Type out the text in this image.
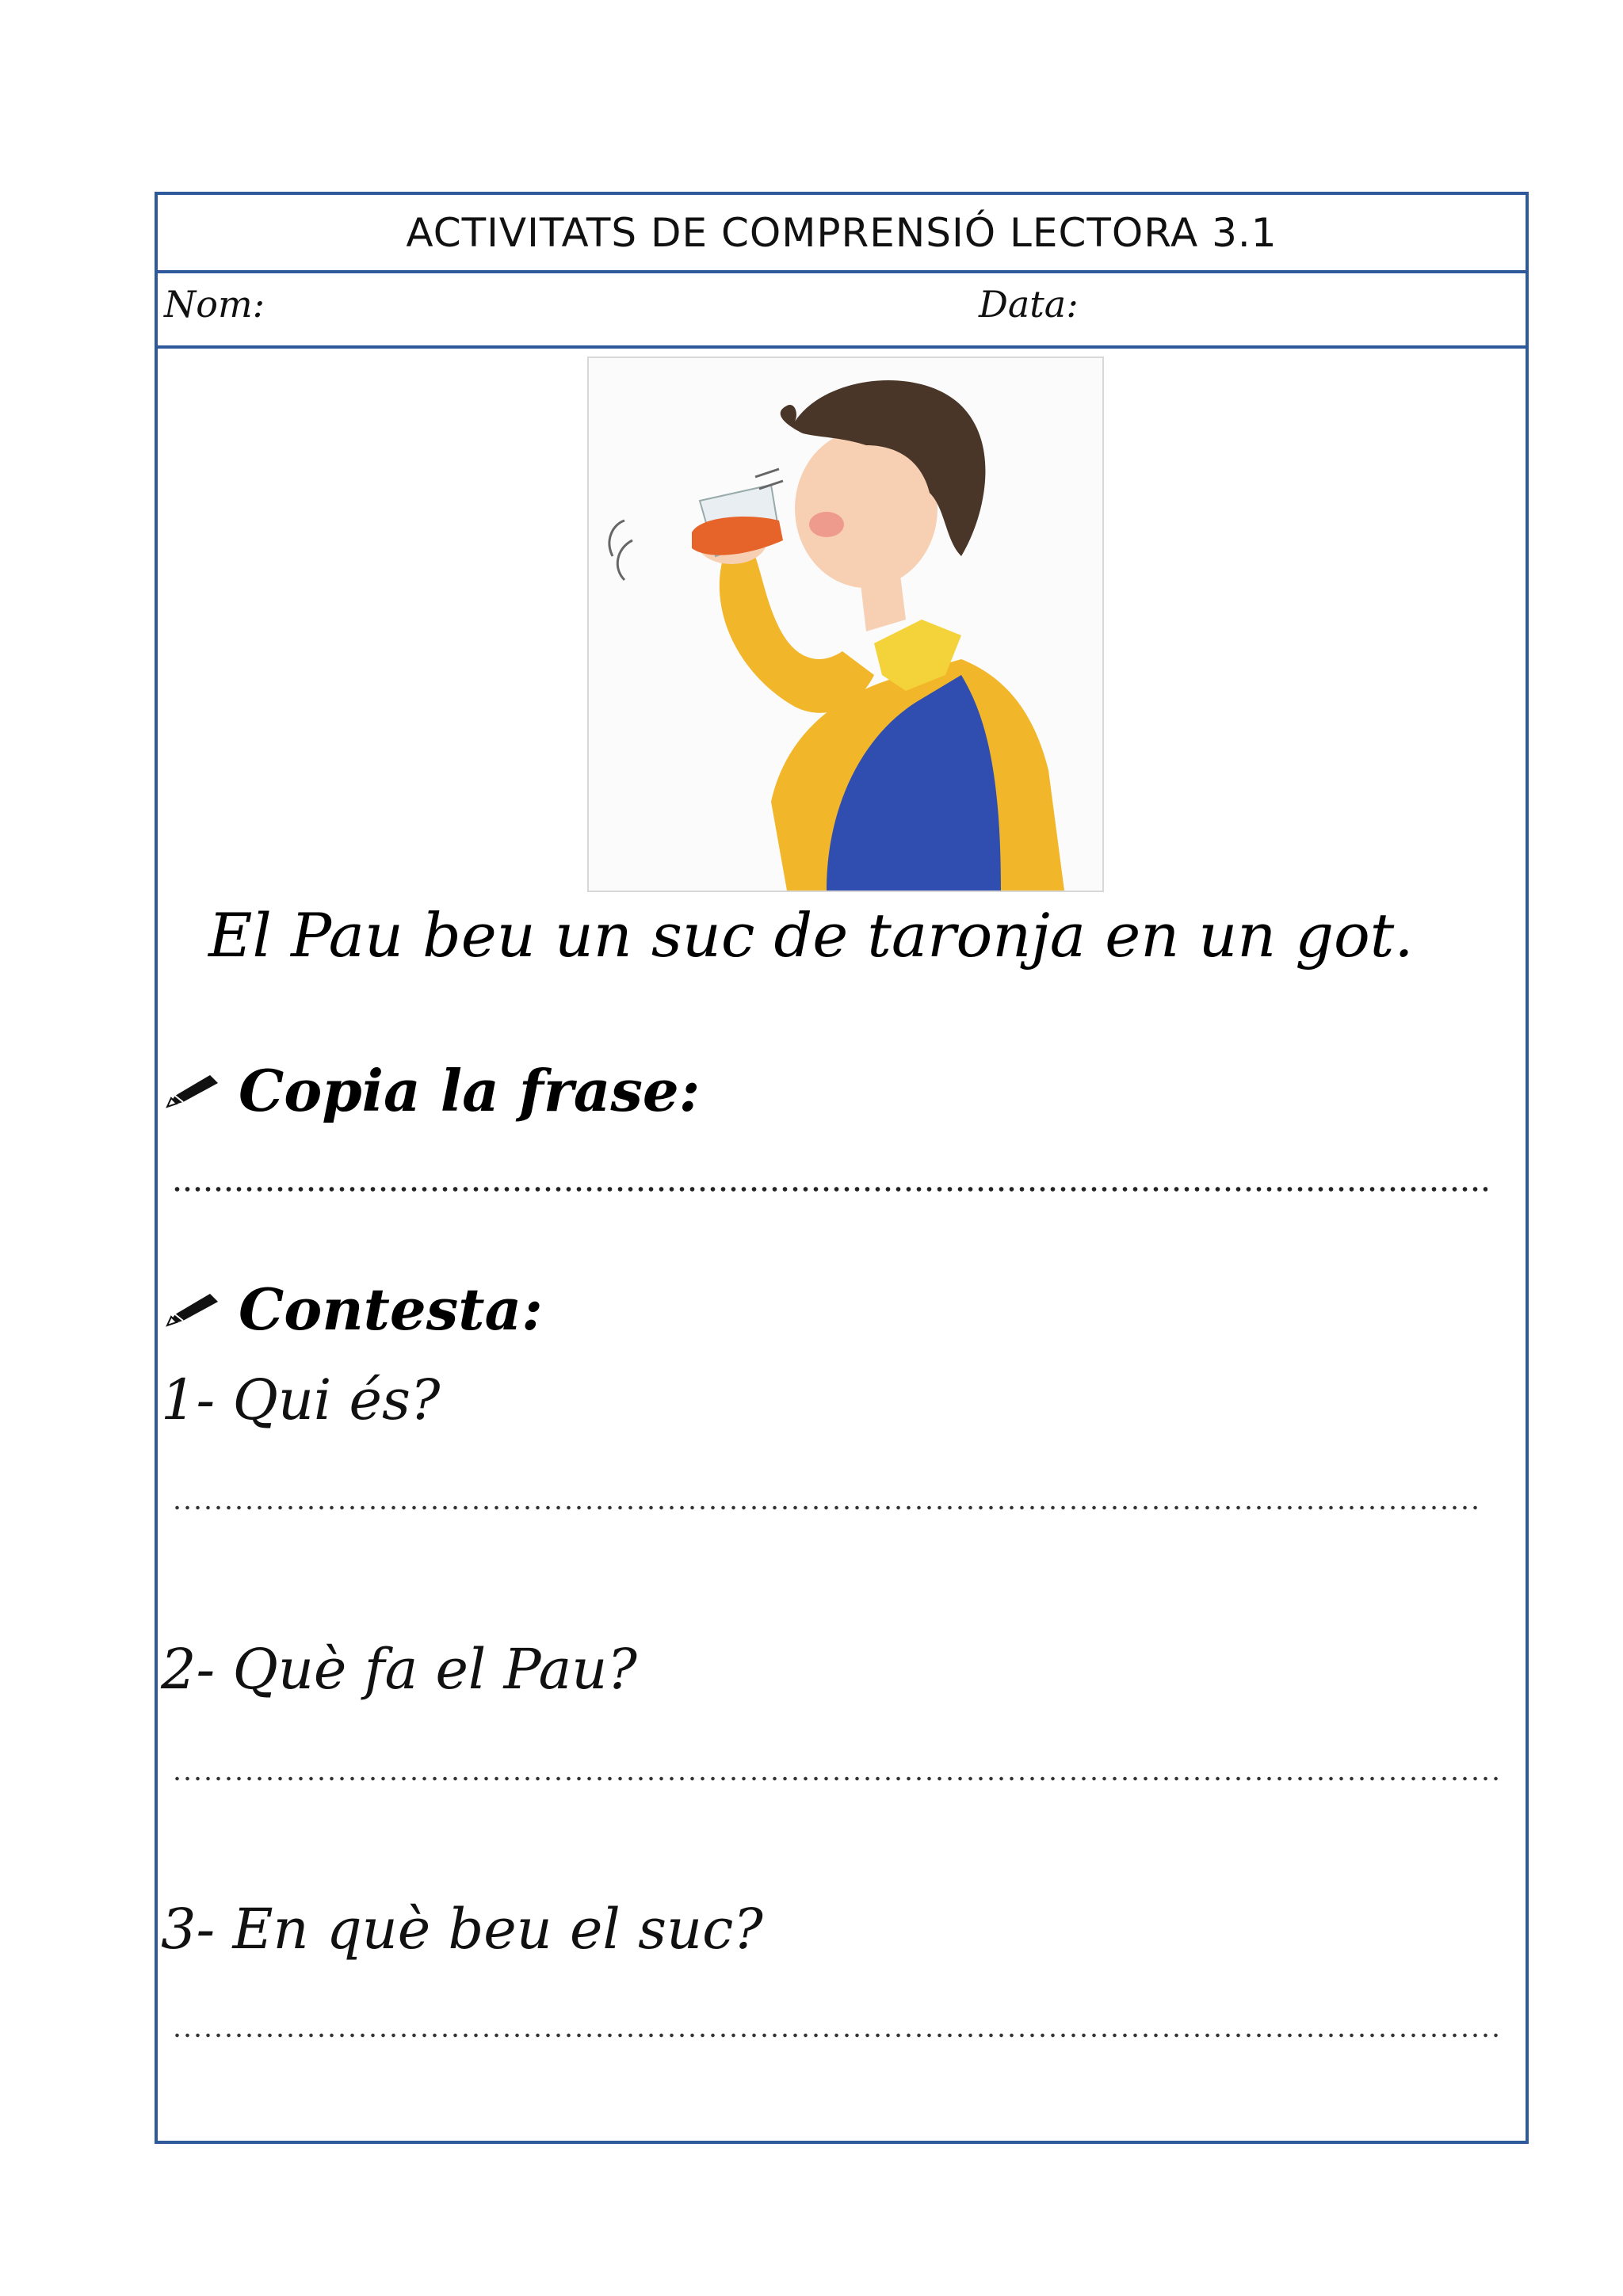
ACTIVITATS DE COMPRENSIÓ LECTORA 3.1
Nom:	Data:
El Pau beu un suc de taronja en un got.
Copia la frase:
Contesta:
1- Qui és?
2- Què fa el Pau?
3- En què beu el suc?
